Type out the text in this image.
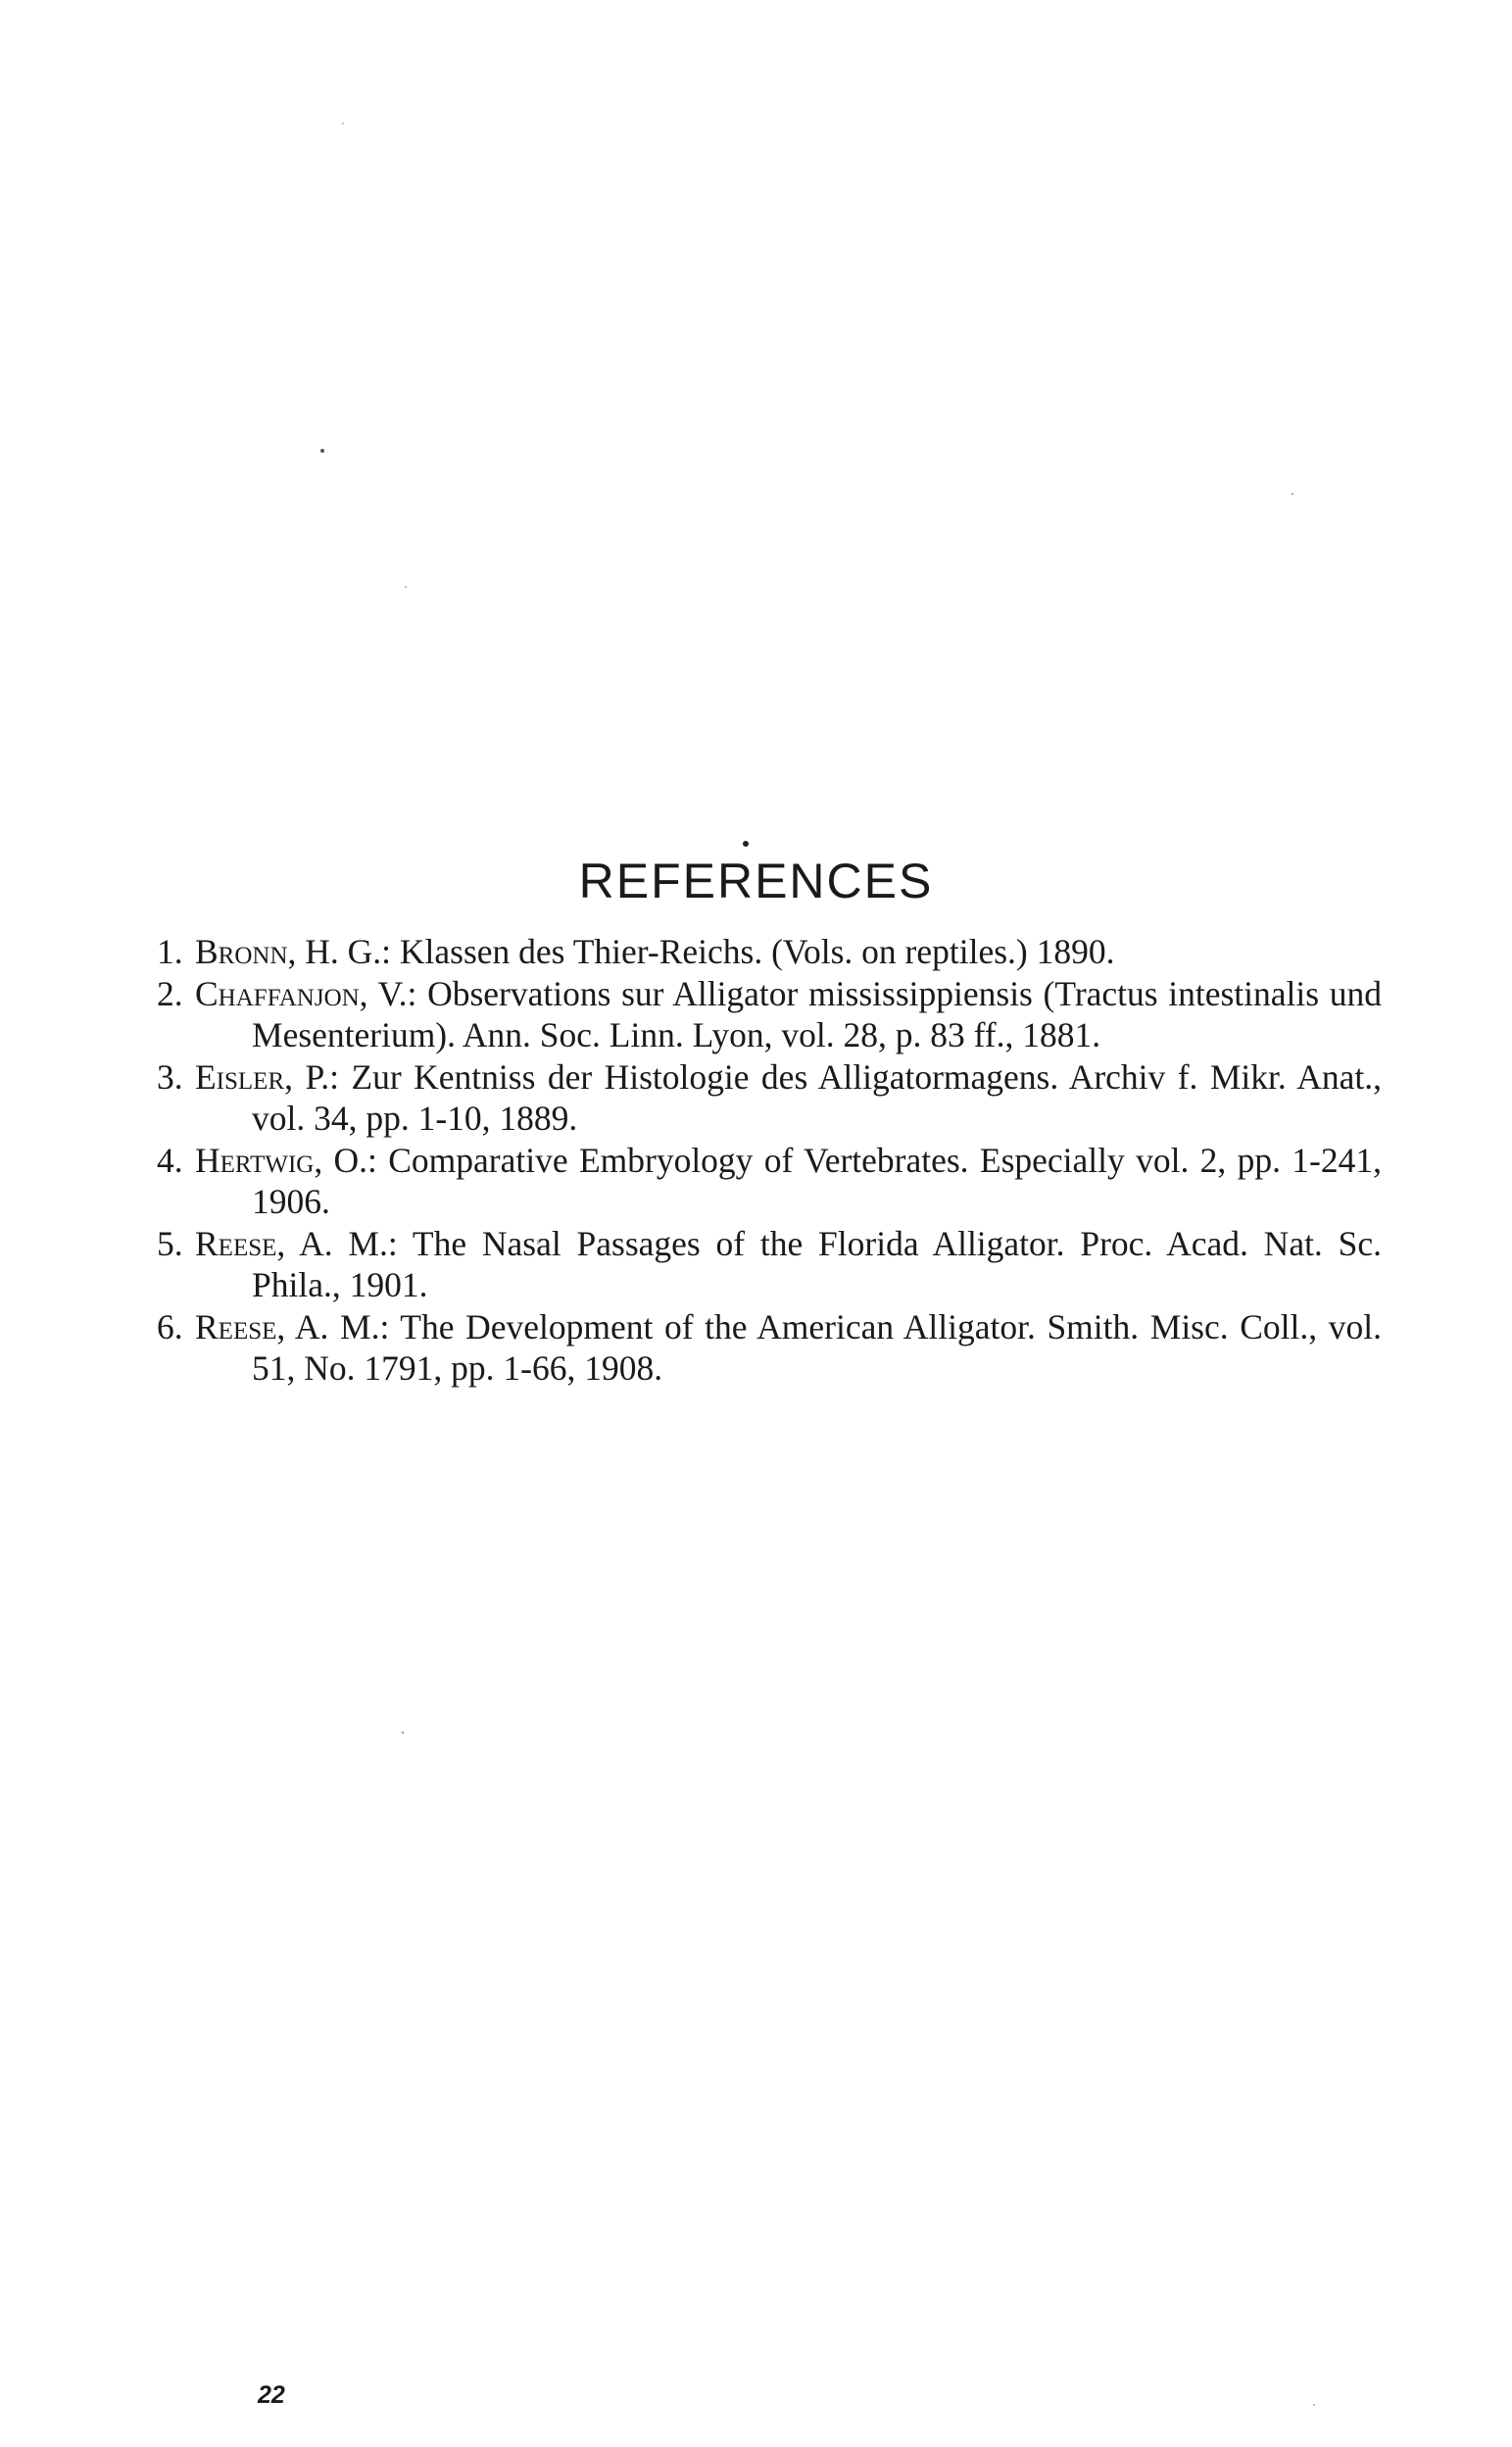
REFERENCES
1. Bronn, H. G.: Klassen des Thier-Reichs. (Vols. on reptiles.) 1890.
2. Chaffanjon, V.: Observations sur Alligator mississippiensis (Tractus intestinalis und Mesenterium). Ann. Soc. Linn. Lyon, vol. 28, p. 83 ff., 1881.
3. Eisler, P.: Zur Kentniss der Histologie des Alligatormagens. Archiv f. Mikr. Anat., vol. 34, pp. 1-10, 1889.
4. Hertwig, O.: Comparative Embryology of Vertebrates. Especially vol. 2, pp. 1-241, 1906.
5. Reese, A. M.: The Nasal Passages of the Florida Alligator. Proc. Acad. Nat. Sc. Phila., 1901.
6. Reese, A. M.: The Development of the American Alligator. Smith. Misc. Coll., vol. 51, No. 1791, pp. 1-66, 1908.
22
